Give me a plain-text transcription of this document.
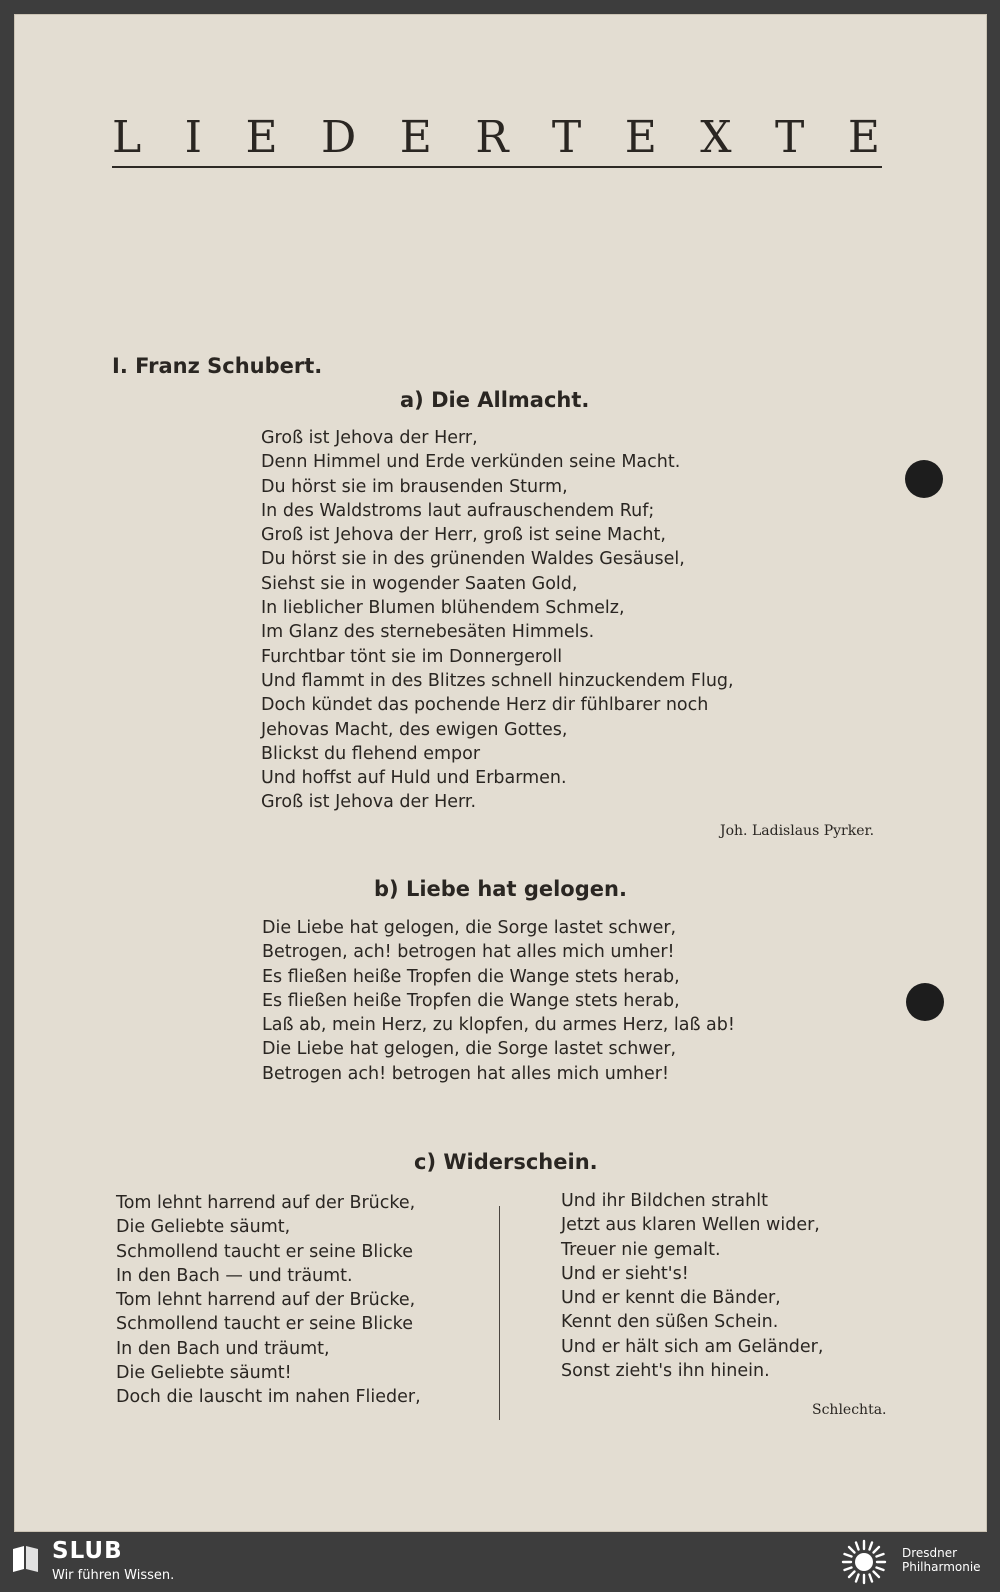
L I E D E R T E X T E
I. Franz Schubert.
a) Die Allmacht.
Groß ist Jehova der Herr,
Denn Himmel und Erde verkünden seine Macht.
Du hörst sie im brausenden Sturm,
In des Waldstroms laut aufrauschendem Ruf;
Groß ist Jehova der Herr, groß ist seine Macht,
Du hörst sie in des grünenden Waldes Gesäusel,
Siehst sie in wogender Saaten Gold,
In lieblicher Blumen blühendem Schmelz,
Im Glanz des sternebesäten Himmels.
Furchtbar tönt sie im Donnergeroll
Und flammt in des Blitzes schnell hinzuckendem Flug,
Doch kündet das pochende Herz dir fühlbarer noch
Jehovas Macht, des ewigen Gottes,
Blickst du flehend empor
Und hoffst auf Huld und Erbarmen.
Groß ist Jehova der Herr.
Joh. Ladislaus Pyrker.
b) Liebe hat gelogen.
Die Liebe hat gelogen, die Sorge lastet schwer,
Betrogen, ach! betrogen hat alles mich umher!
Es fließen heiße Tropfen die Wange stets herab,
Es fließen heiße Tropfen die Wange stets herab,
Laß ab, mein Herz, zu klopfen, du armes Herz, laß ab!
Die Liebe hat gelogen, die Sorge lastet schwer,
Betrogen ach! betrogen hat alles mich umher!
c) Widerschein.
Tom lehnt harrend auf der Brücke,
Die Geliebte säumt,
Schmollend taucht er seine Blicke
In den Bach — und träumt.
Tom lehnt harrend auf der Brücke,
Schmollend taucht er seine Blicke
In den Bach und träumt,
Die Geliebte säumt!
Doch die lauscht im nahen Flieder,
Und ihr Bildchen strahlt
Jetzt aus klaren Wellen wider,
Treuer nie gemalt.
Und er sieht's!
Und er kennt die Bänder,
Kennt den süßen Schein.
Und er hält sich am Geländer,
Sonst zieht's ihn hinein.
Schlechta.
SLUB
Wir führen Wissen.
Dresdner
Philharmonie
